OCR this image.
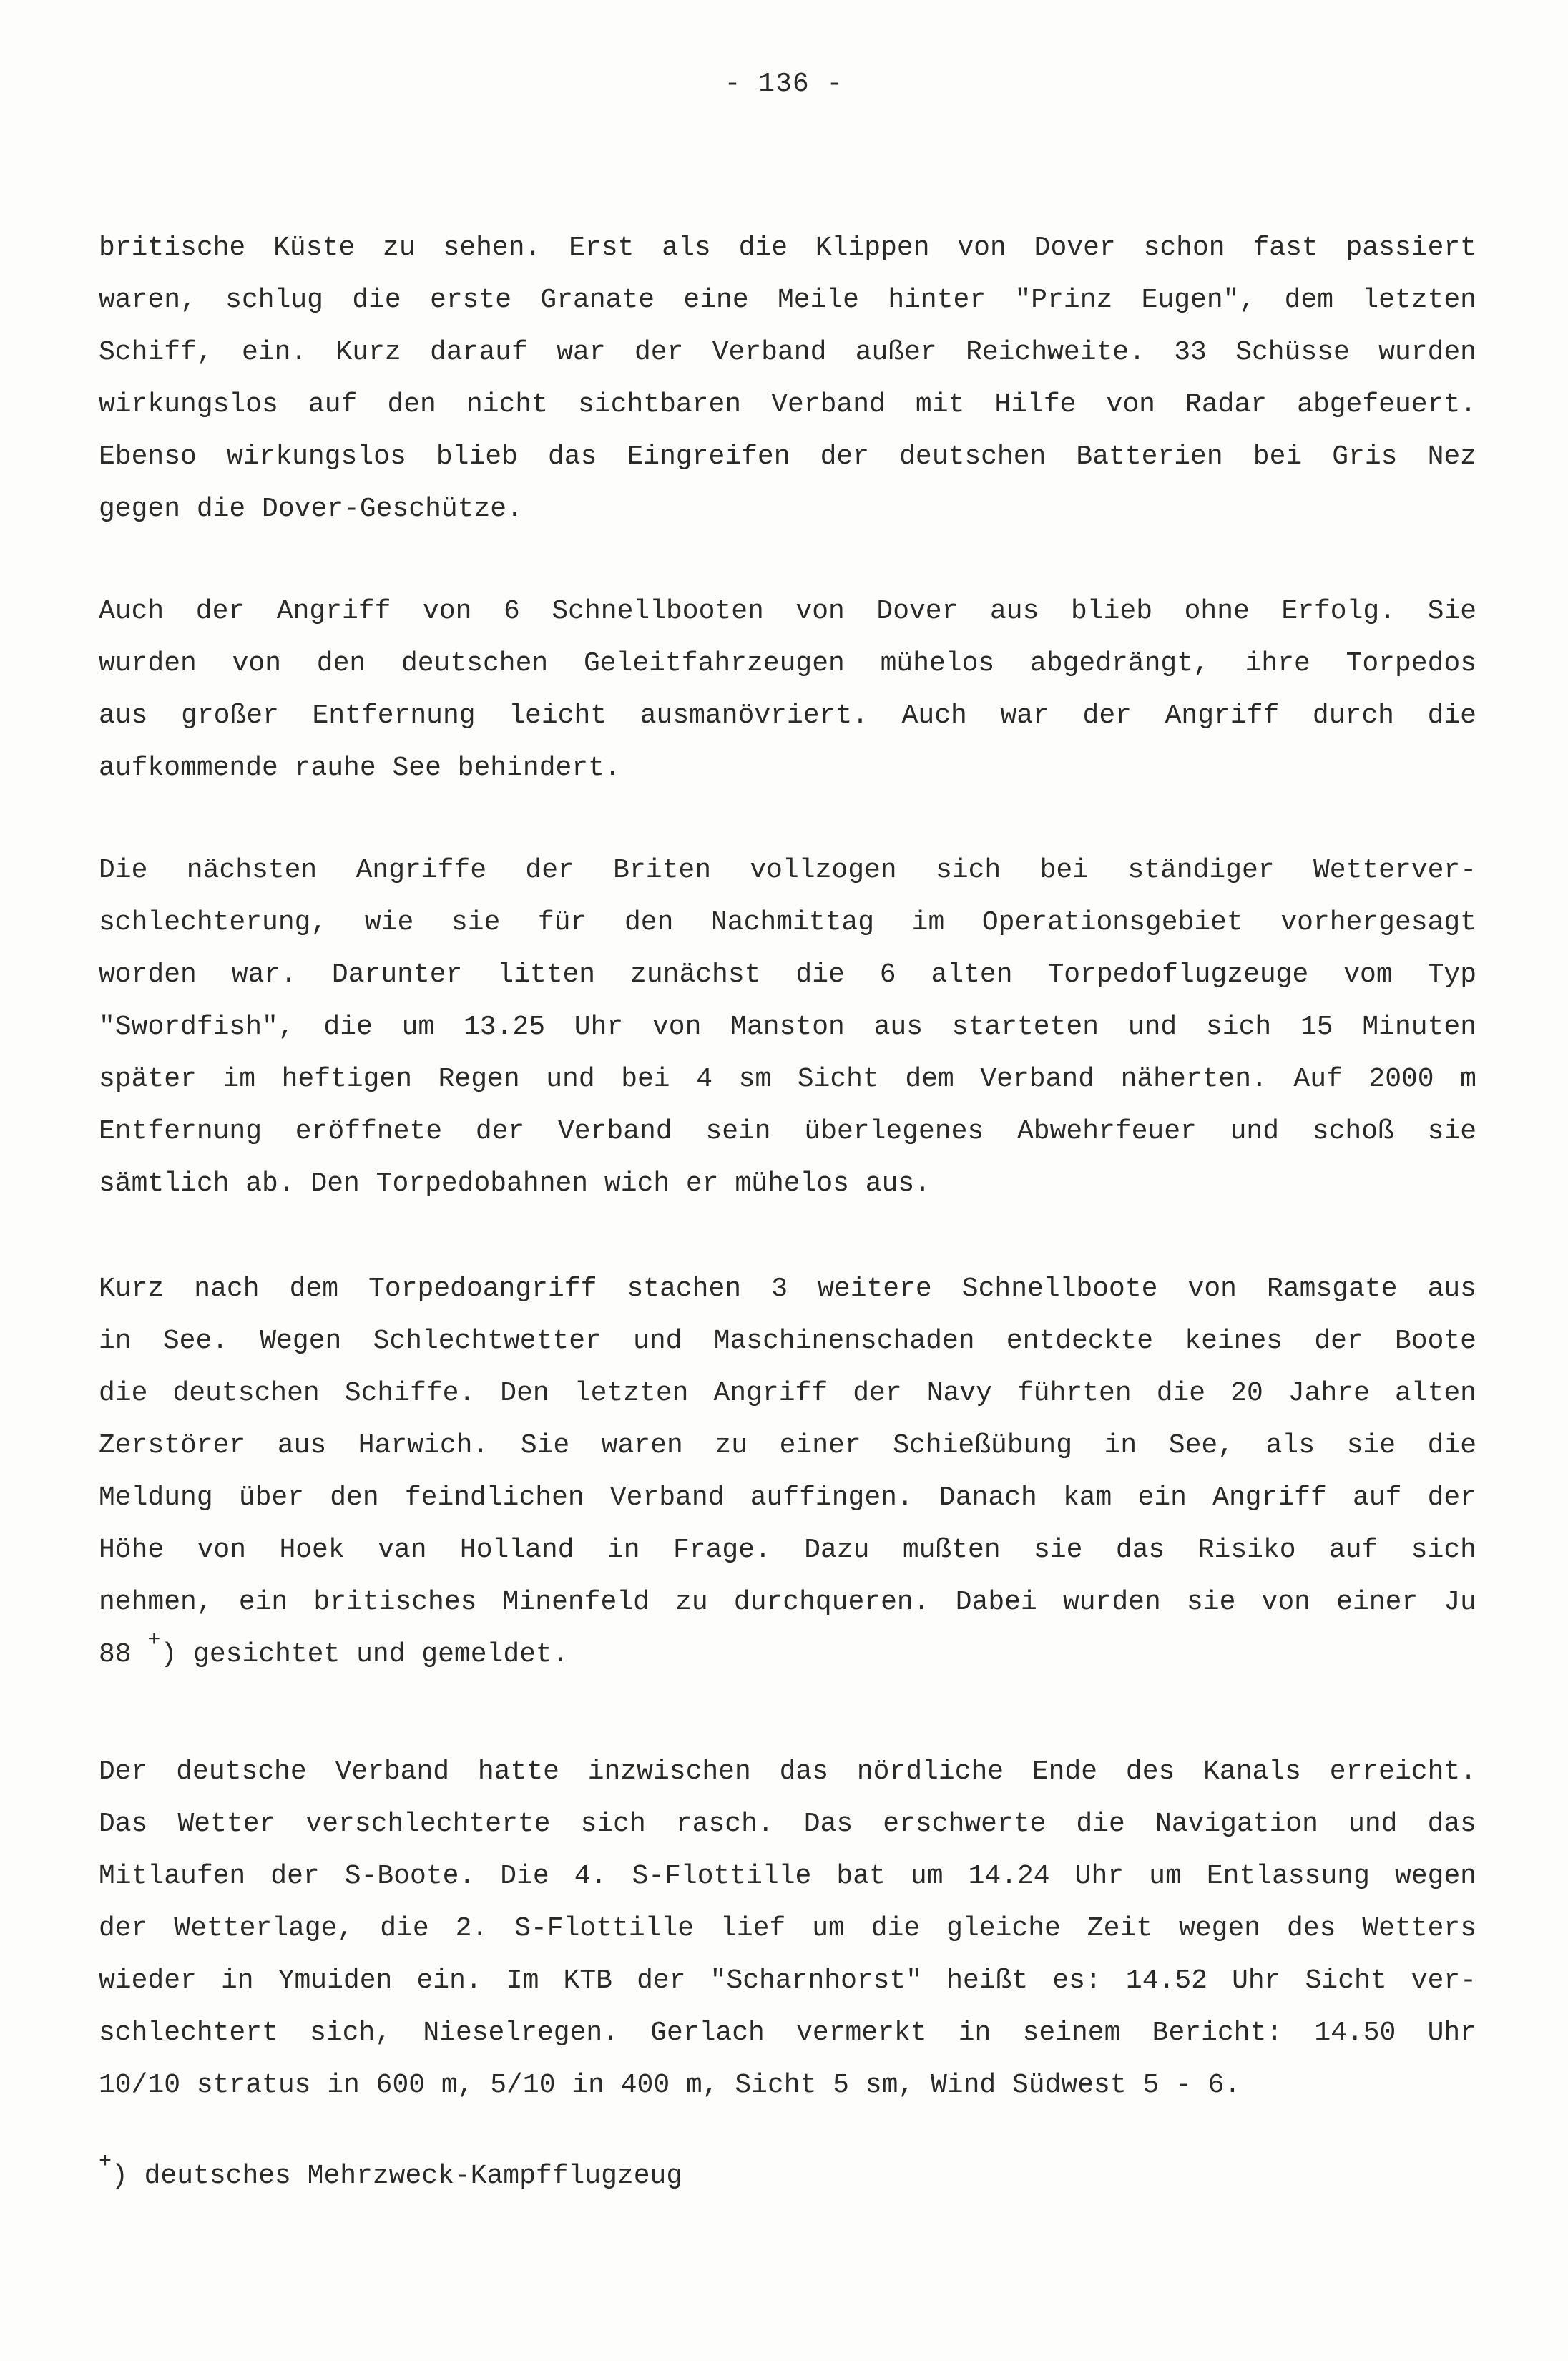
- 136 -
britische Küste zu sehen. Erst als die Klippen von Dover schon fast passiert
waren, schlug die erste Granate eine Meile hinter "Prinz Eugen", dem letzten
Schiff, ein. Kurz darauf war der Verband außer Reichweite. 33 Schüsse wurden
wirkungslos auf den nicht sichtbaren Verband mit Hilfe von Radar abgefeuert.
Ebenso wirkungslos blieb das Eingreifen der deutschen Batterien bei Gris Nez
gegen die Dover-Geschütze.
Auch der Angriff von 6 Schnellbooten von Dover aus blieb ohne Erfolg. Sie
wurden von den deutschen Geleitfahrzeugen mühelos abgedrängt, ihre Torpedos
aus großer Entfernung leicht ausmanövriert. Auch war der Angriff durch die
aufkommende rauhe See behindert.
Die nächsten Angriffe der Briten vollzogen sich bei ständiger Wetterver-
schlechterung, wie sie für den Nachmittag im Operationsgebiet vorhergesagt
worden war. Darunter litten zunächst die 6 alten Torpedoflugzeuge vom Typ
"Swordfish", die um 13.25 Uhr von Manston aus starteten und sich 15 Minuten
später im heftigen Regen und bei 4 sm Sicht dem Verband näherten. Auf 2000 m
Entfernung eröffnete der Verband sein überlegenes Abwehrfeuer und schoß sie
sämtlich ab. Den Torpedobahnen wich er mühelos aus.
Kurz nach dem Torpedoangriff stachen 3 weitere Schnellboote von Ramsgate aus
in See. Wegen Schlechtwetter und Maschinenschaden entdeckte keines der Boote
die deutschen Schiffe. Den letzten Angriff der Navy führten die 20 Jahre alten
Zerstörer aus Harwich. Sie waren zu einer Schießübung in See, als sie die
Meldung über den feindlichen Verband auffingen. Danach kam ein Angriff auf der
Höhe von Hoek van Holland in Frage. Dazu mußten sie das Risiko auf sich
nehmen, ein britisches Minenfeld zu durchqueren. Dabei wurden sie von einer Ju
88 +) gesichtet und gemeldet.
Der deutsche Verband hatte inzwischen das nördliche Ende des Kanals erreicht.
Das Wetter verschlechterte sich rasch. Das erschwerte die Navigation und das
Mitlaufen der S-Boote. Die 4. S-Flottille bat um 14.24 Uhr um Entlassung wegen
der Wetterlage, die 2. S-Flottille lief um die gleiche Zeit wegen des Wetters
wieder in Ymuiden ein. Im KTB der "Scharnhorst" heißt es: 14.52 Uhr Sicht ver-
schlechtert sich, Nieselregen. Gerlach vermerkt in seinem Bericht: 14.50 Uhr
10/10 stratus in 600 m, 5/10 in 400 m, Sicht 5 sm, Wind Südwest 5 - 6.
+) deutsches Mehrzweck-Kampfflugzeug
